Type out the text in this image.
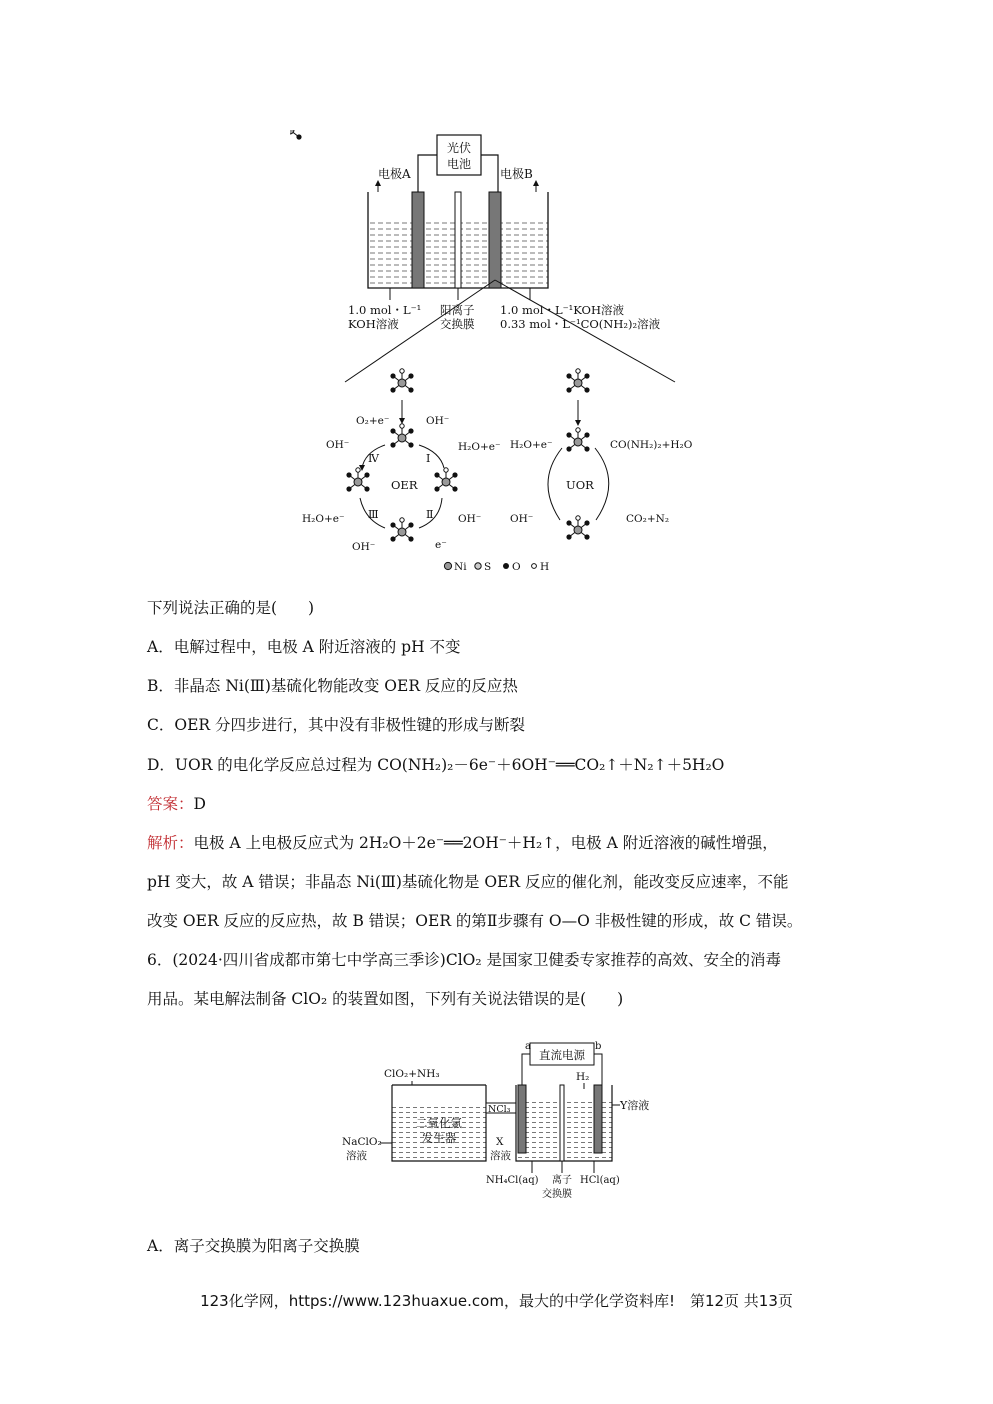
光伏
电池
电极A	电极B
1.0 mol・L⁻¹
KOH溶液
阳离子
交换膜
1.0 mol・L⁻¹KOH溶液
0.33 mol・L⁻¹CO(NH₂)₂溶液
OER	UOR
Ⅰ
Ⅱ
Ⅲ
Ⅳ
O₂+e⁻
OH⁻
OH⁻
H₂O+e⁻
OH⁻
e⁻
OH⁻
H₂O+e⁻
H₂O+e⁻	CO(NH₂)₂+H₂O
OH⁻	CO₂+N₂
Ni S O H
下列说法正确的是(　　)
A．电解过程中，电极 A 附近溶液的 pH 不变
B．非晶态 Ni(Ⅲ)基硫化物能改变 OER 反应的反应热
C．OER 分四步进行，其中没有非极性键的形成与断裂
D．UOR 的电化学反应总过程为 CO(NH₂)₂－6e⁻＋6OH⁻══CO₂↑＋N₂↑＋5H₂O
答案：D
解析：电极 A 上电极反应式为 2H₂O＋2e⁻══2OH⁻＋H₂↑，电极 A 附近溶液的碱性增强，
pH 变大，故 A 错误；非晶态 Ni(Ⅲ)基硫化物是 OER 反应的催化剂，能改变反应速率，不能
改变 OER 反应的反应热，故 B 错误；OER 的第Ⅱ步骤有 O—O 非极性键的形成，故 C 错误。
6．(2024·四川省成都市第七中学高三季诊)ClO₂ 是国家卫健委专家推荐的高效、安全的消毒
用品。某电解法制备 ClO₂ 的装置如图，下列有关说法错误的是(　　)
直流电源
a	b
二氧化氯
发生器
ClO₂+NH₃
NCl₃
H₂
Y溶液
NaClO₂
溶液
X
溶液
NH₄Cl(aq) 离子
交换膜
HCl(aq)
A．离子交换膜为阳离子交换膜
123化学网，https://www.123huaxue.com，最大的中学化学资料库!　第12页 共13页
